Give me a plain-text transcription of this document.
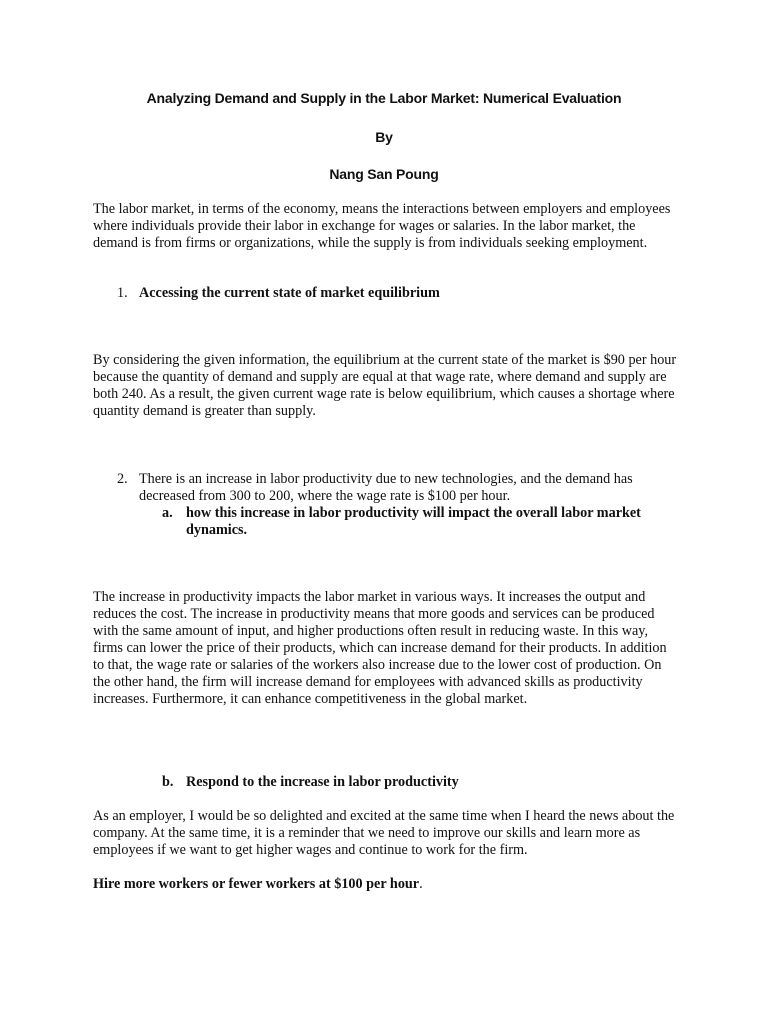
Analyzing Demand and Supply in the Labor Market: Numerical Evaluation
By
Nang San Poung

The labor market, in terms of the economy, means the interactions between employers and employees where individuals provide their labor in exchange for wages or salaries. In the labor market, the demand is from firms or organizations, while the supply is from individuals seeking employment.

1. Accessing the current state of market equilibrium

By considering the given information, the equilibrium at the current state of the market is $90 per hour because the quantity of demand and supply are equal at that wage rate, where demand and supply are both 240. As a result, the given current wage rate is below equilibrium, which causes a shortage where quantity demand is greater than supply.

2. There is an increase in labor productivity due to new technologies, and the demand has decreased from 300 to 200, where the wage rate is $100 per hour.
a. how this increase in labor productivity will impact the overall labor market dynamics.

The increase in productivity impacts the labor market in various ways. It increases the output and reduces the cost. The increase in productivity means that more goods and services can be produced with the same amount of input, and higher productions often result in reducing waste. In this way, firms can lower the price of their products, which can increase demand for their products. In addition to that, the wage rate or salaries of the workers also increase due to the lower cost of production. On the other hand, the firm will increase demand for employees with advanced skills as productivity increases. Furthermore, it can enhance competitiveness in the global market.

b. Respond to the increase in labor productivity

As an employer, I would be so delighted and excited at the same time when I heard the news about the company. At the same time, it is a reminder that we need to improve our skills and learn more as employees if we want to get higher wages and continue to work for the firm.

Hire more workers or fewer workers at $100 per hour.
